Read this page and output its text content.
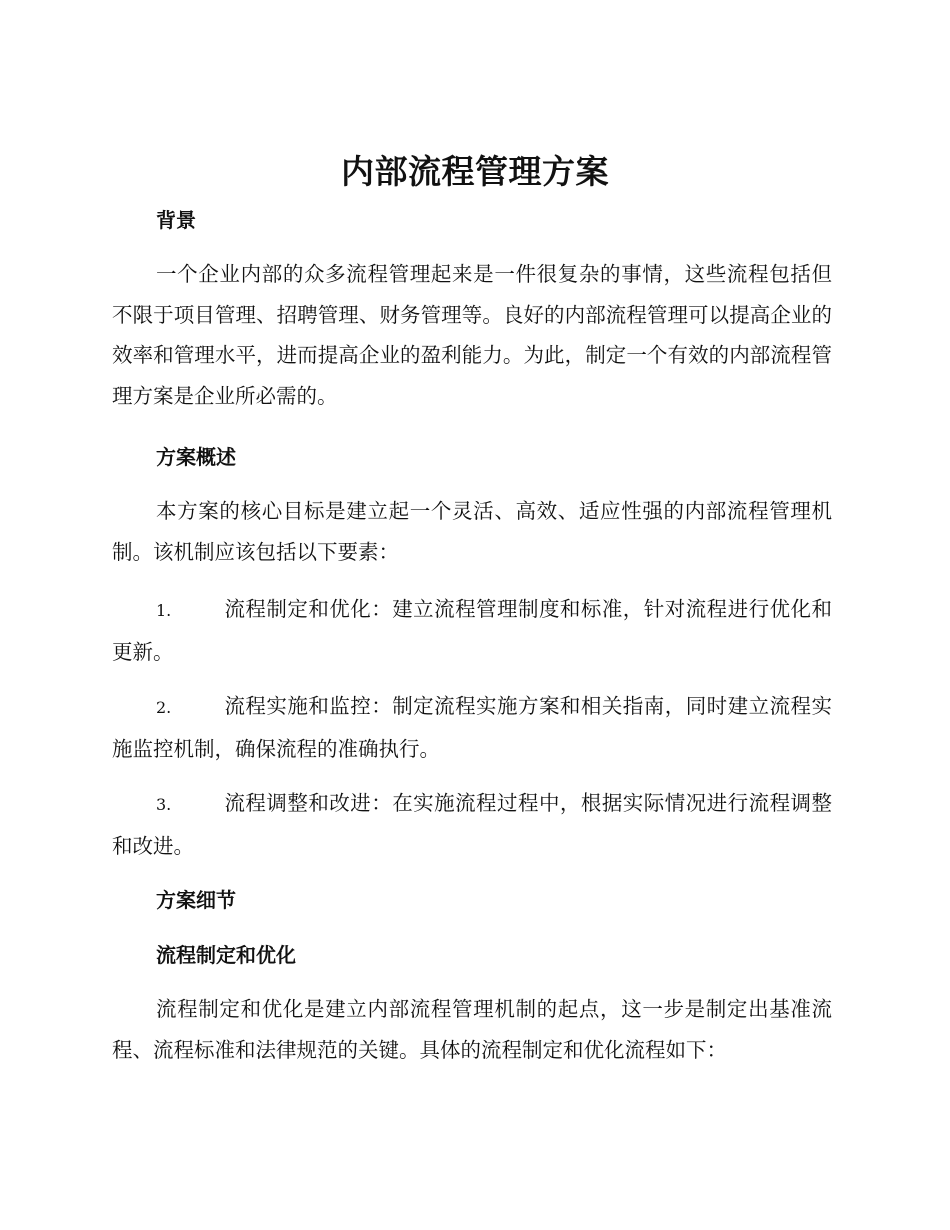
内部流程管理方案
背景
一个企业内部的众多流程管理起来是一件很复杂的事情，这些流程包括但不限于项目管理、招聘管理、财务管理等。良好的内部流程管理可以提高企业的效率和管理水平，进而提高企业的盈利能力。为此，制定一个有效的内部流程管理方案是企业所必需的。
方案概述
本方案的核心目标是建立起一个灵活、高效、适应性强的内部流程管理机制。该机制应该包括以下要素：
1.	流程制定和优化：建立流程管理制度和标准，针对流程进行优化和更新。
2.	流程实施和监控：制定流程实施方案和相关指南，同时建立流程实施监控机制，确保流程的准确执行。
3.	流程调整和改进：在实施流程过程中，根据实际情况进行流程调整和改进。
方案细节
流程制定和优化
流程制定和优化是建立内部流程管理机制的起点，这一步是制定出基准流程、流程标准和法律规范的关键。具体的流程制定和优化流程如下：
